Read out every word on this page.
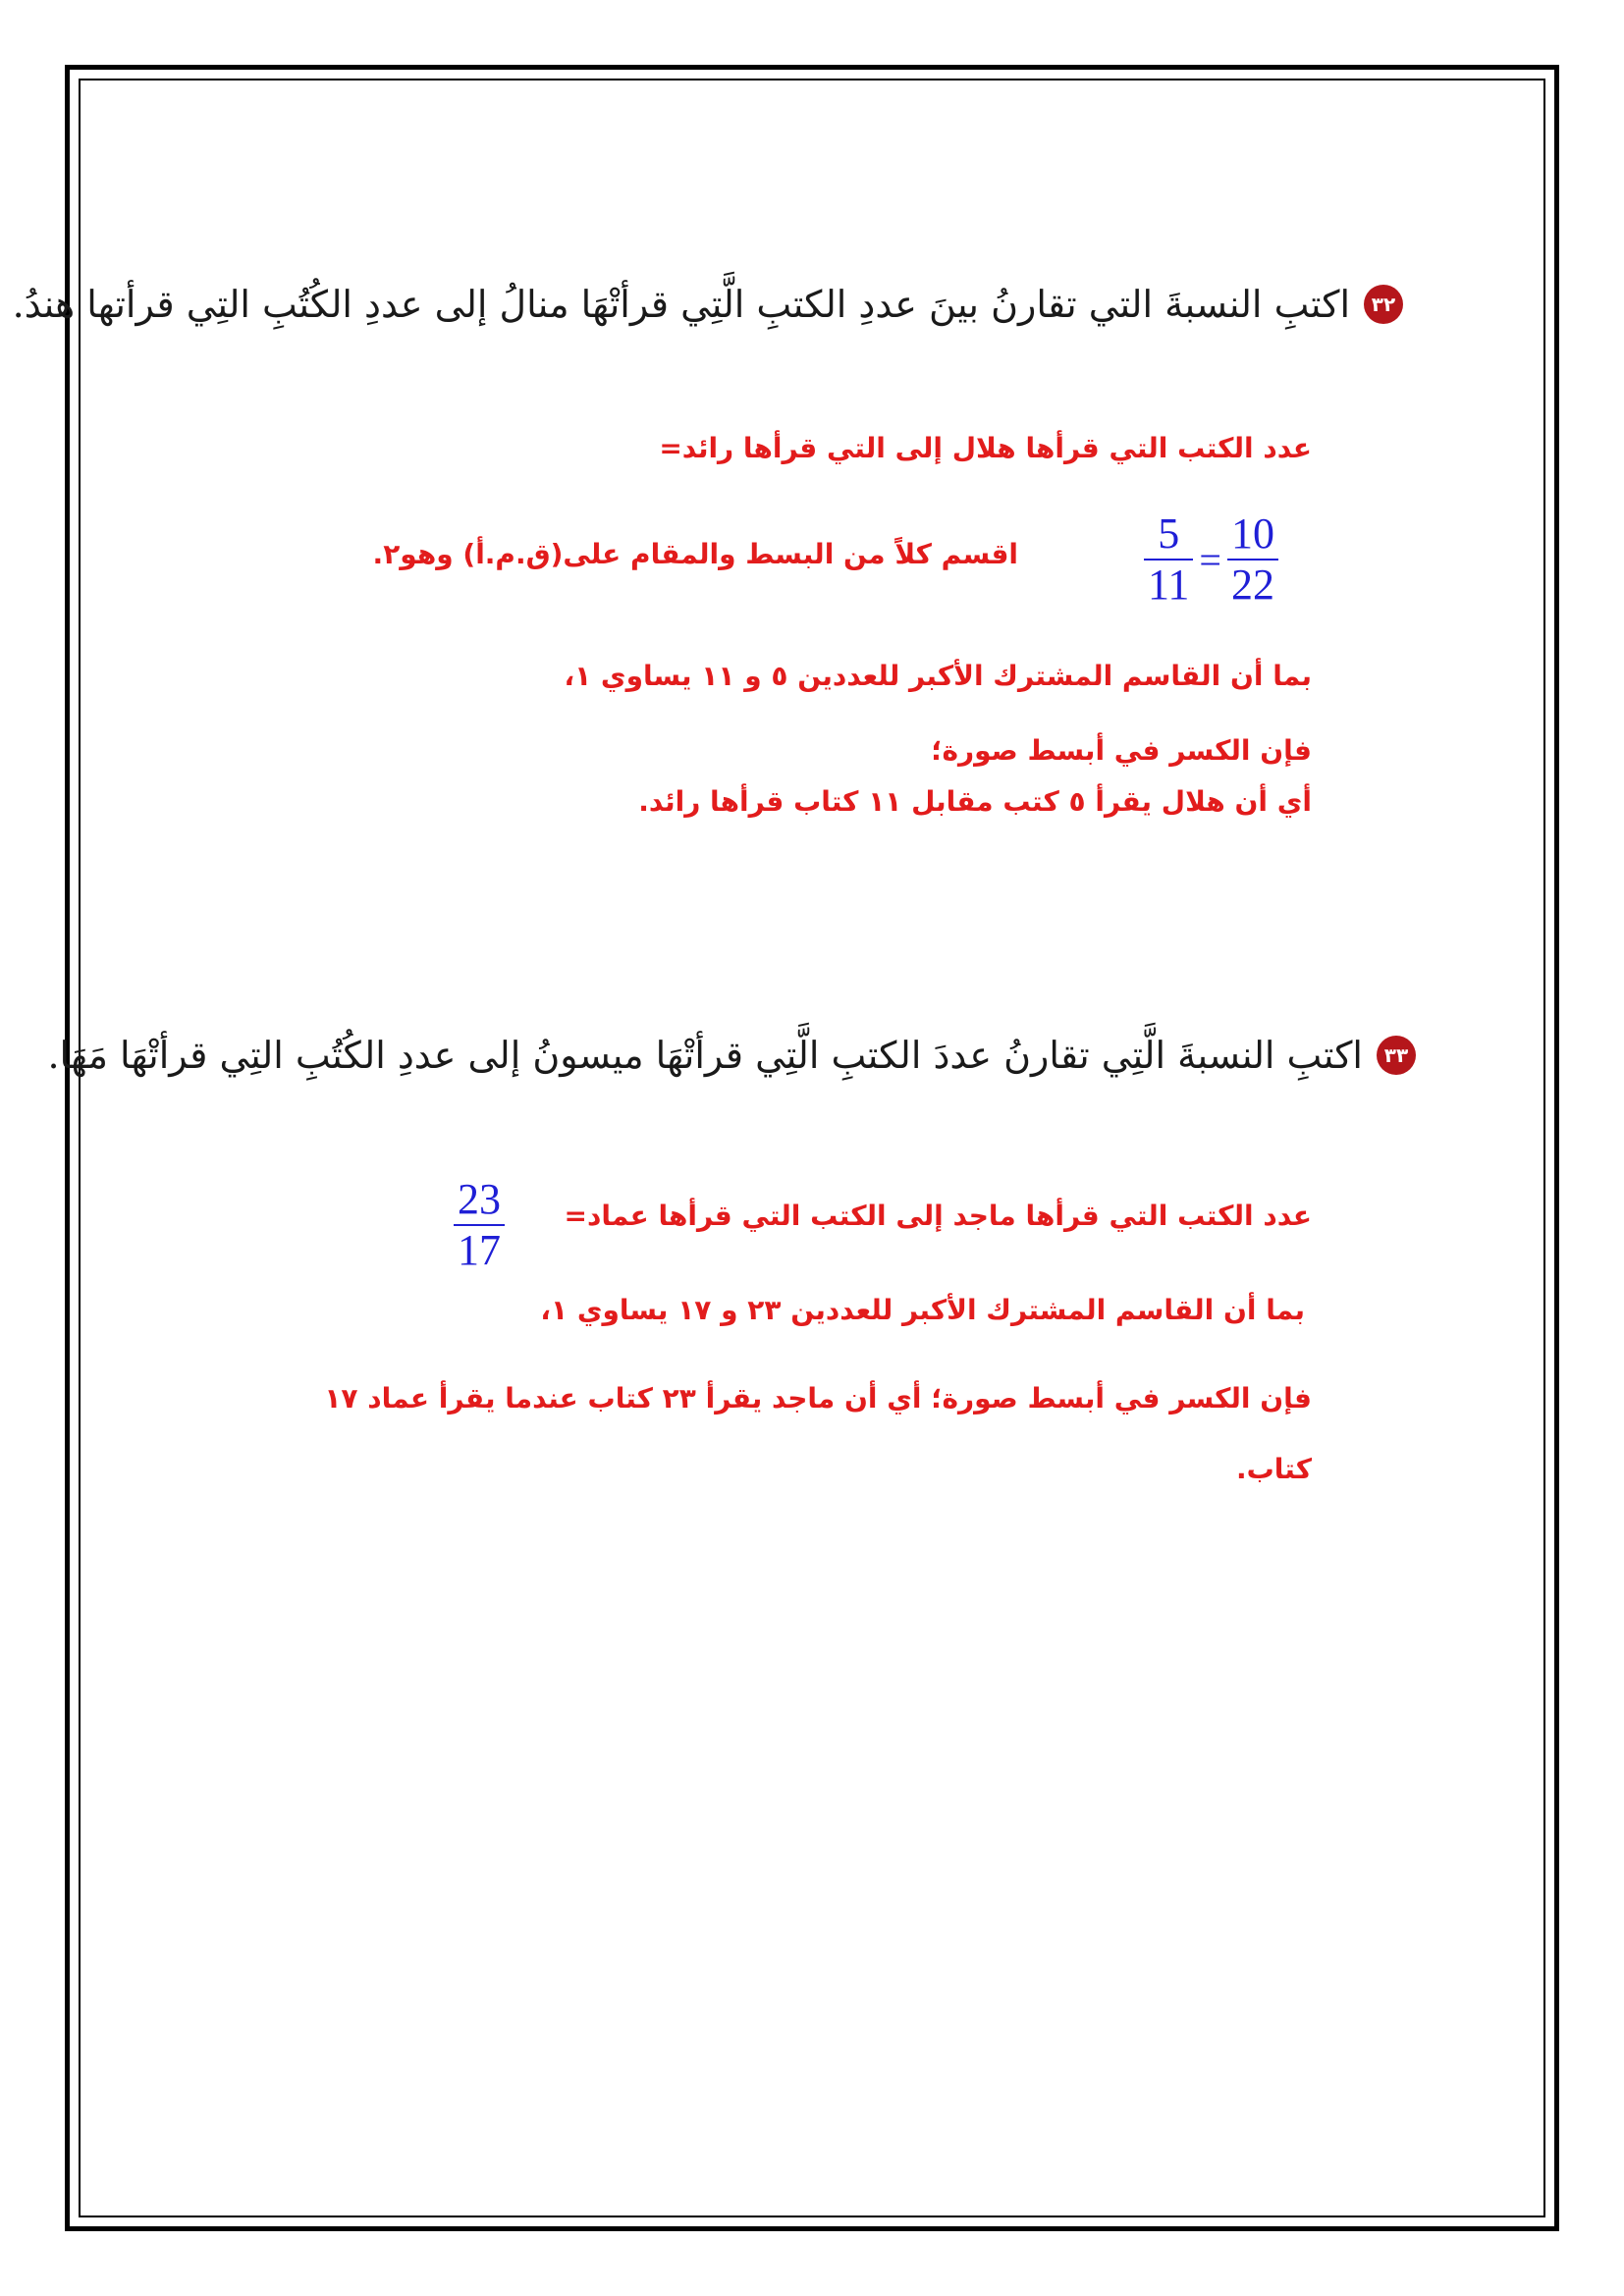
٣٢
اكتبِ النسبةَ التي تقارنُ بينَ عددِ الكتبِ الَّتِي قرأتْهَا منالُ إلى عددِ الكُتُبِ التِي قرأتها هندُ.
عدد الكتب التي قرأها هلال إلى التي قرأها رائد=
$\frac{5}{11} = \frac{10}{22}$
اقسم كلاً من البسط والمقام على(ق.م.أ) وهو٢.
بما أن القاسم المشترك الأكبر للعددين ٥ و ١١ يساوي ١،
فإن الكسر في أبسط صورة؛
أي أن هلال يقرأ ٥ كتب مقابل ١١ كتاب قرأها رائد.
٣٣
اكتبِ النسبةَ الَّتِي تقارنُ عددَ الكتبِ الَّتِي قرأتْهَا ميسونُ إلى عددِ الكُتُبِ التِي قرأتْهَا مَهَا.
عدد الكتب التي قرأها ماجد إلى الكتب التي قرأها عماد=
$\frac{23}{17}$
بما أن القاسم المشترك الأكبر للعددين ٢٣ و ١٧ يساوي ١،
فإن الكسر في أبسط صورة؛ أي أن ماجد يقرأ ٢٣ كتاب عندما يقرأ عماد ١٧
كتاب.
